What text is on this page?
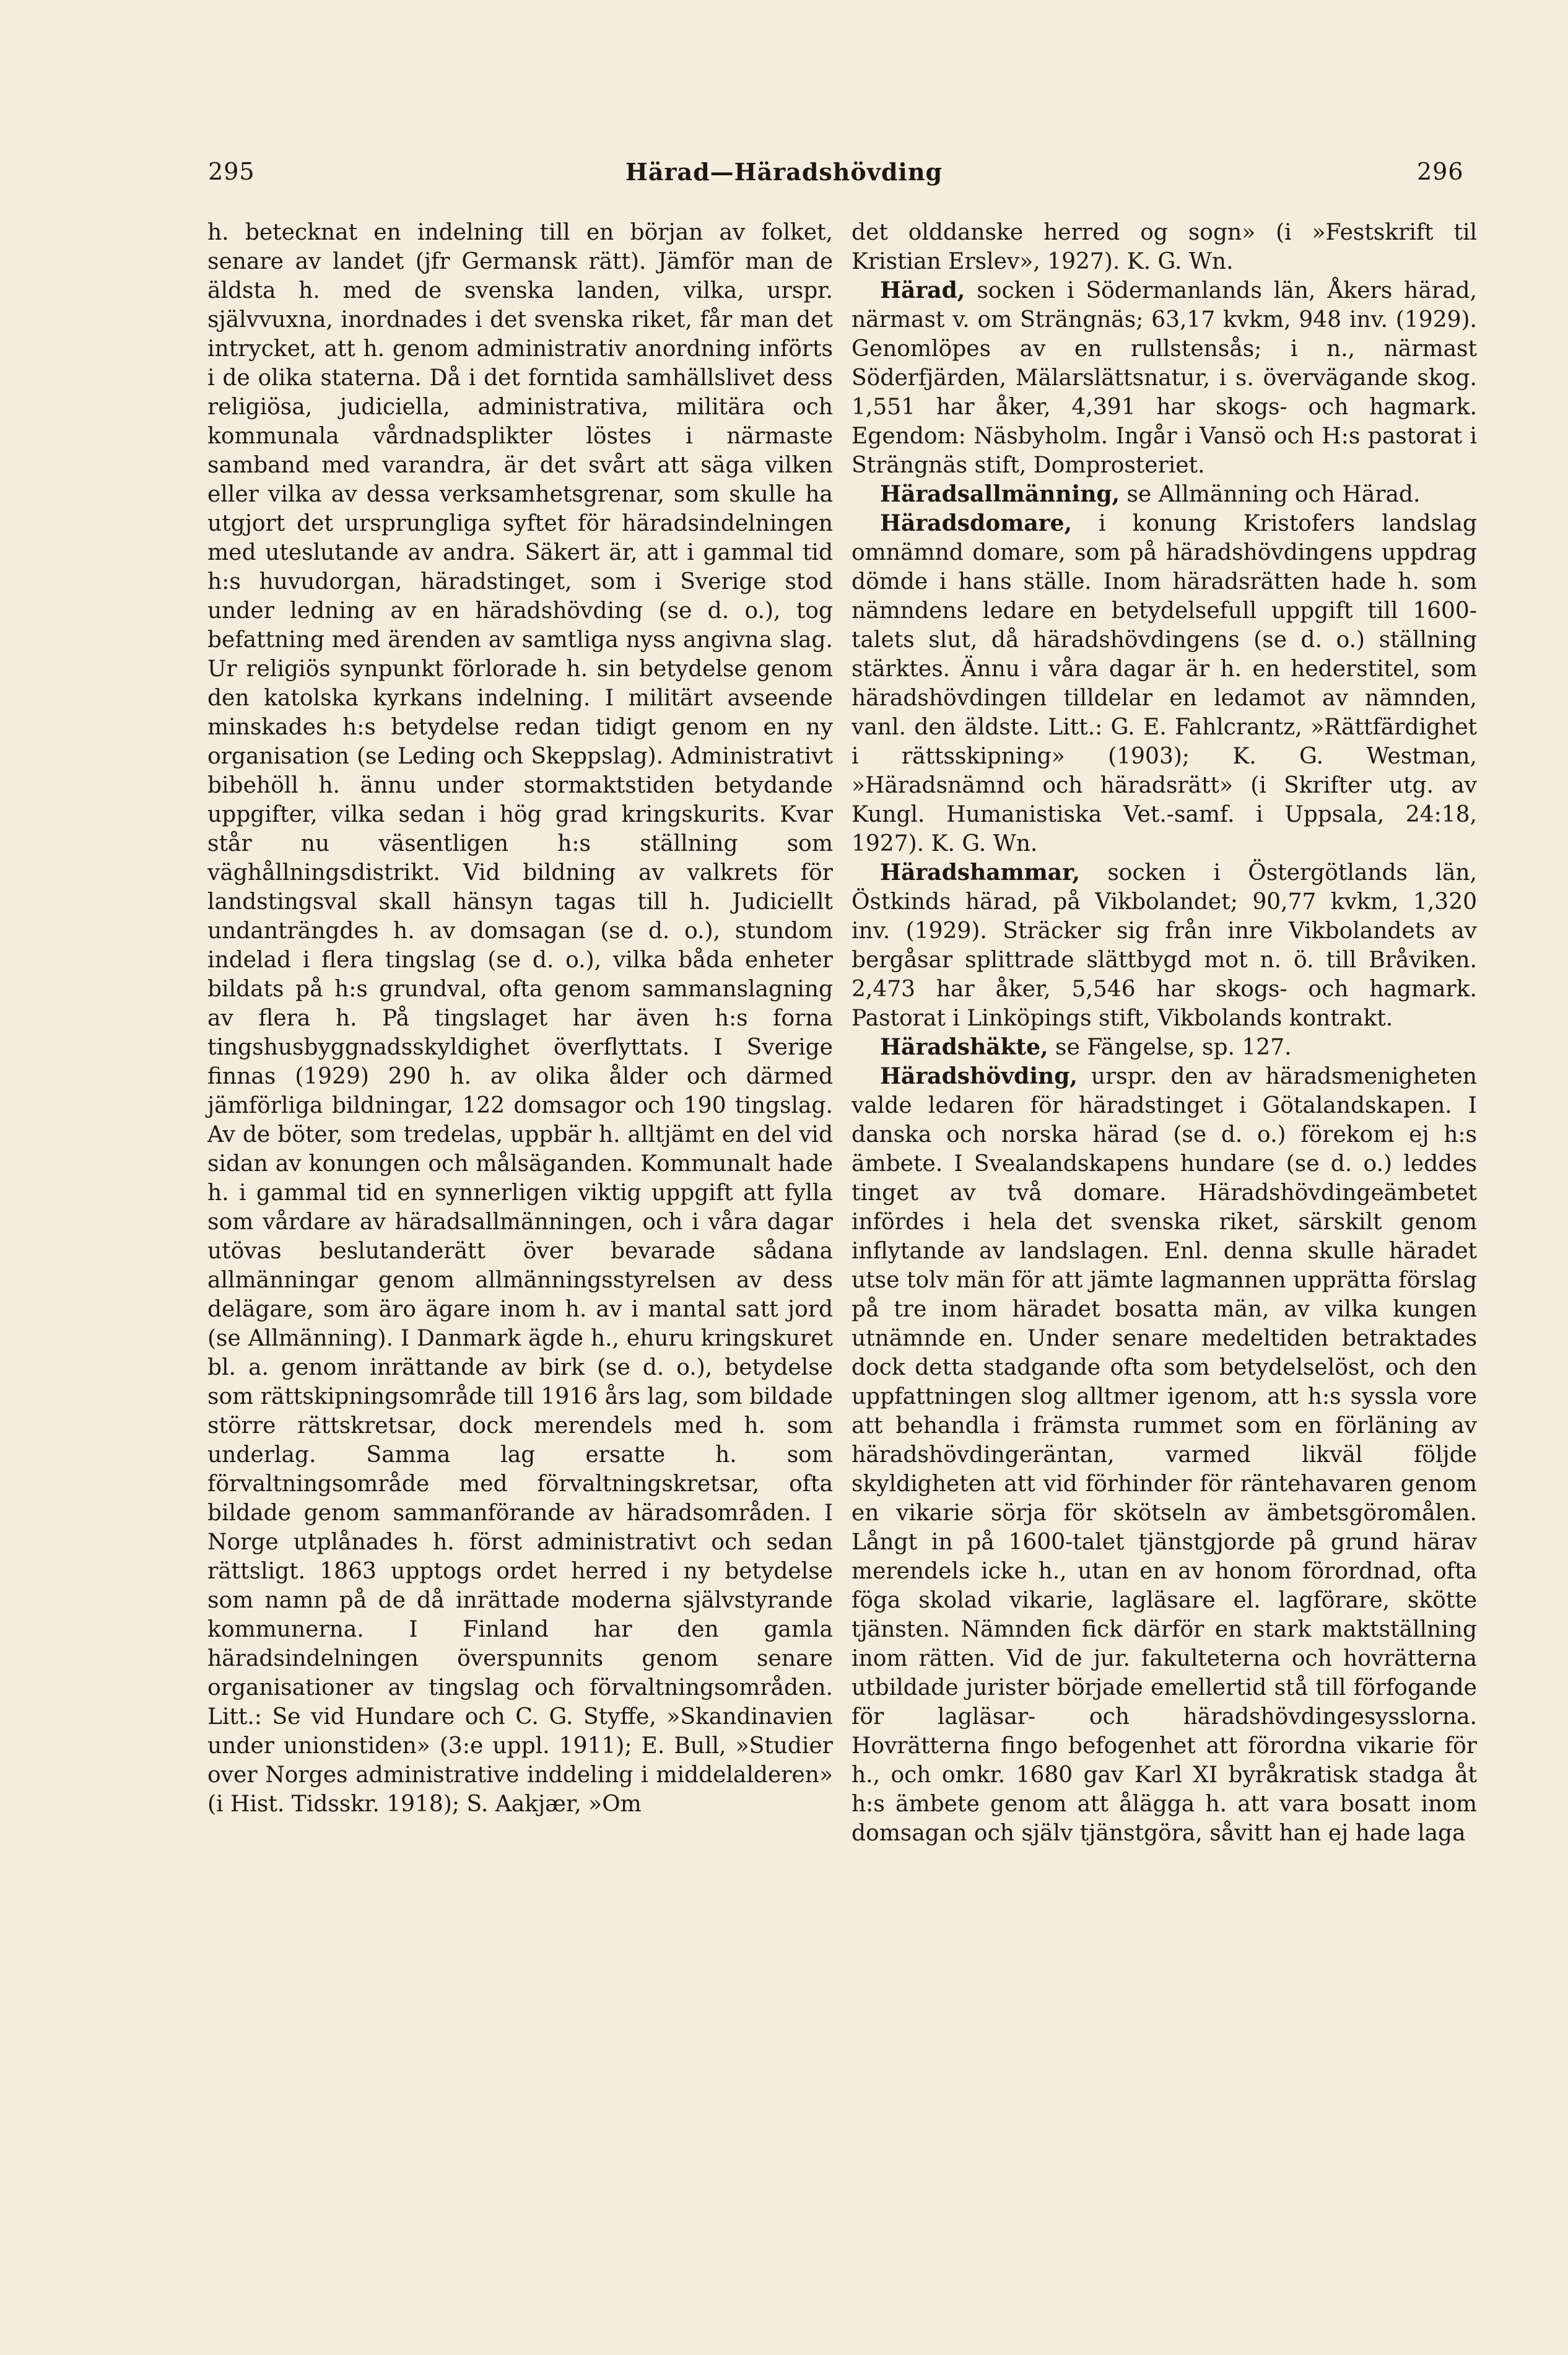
295	Härad—Häradshövding	296

h. betecknat en indelning till en början av folket, senare av landet (jfr Germansk rätt). Jämför man de äldsta h. med de svenska landen, vilka, urspr. självvuxna, inordnades i det svenska riket, får man det intrycket, att h. genom administrativ anordning införts i de olika staterna. Då i det forntida samhällslivet dess religiösa, judiciella, administrativa, militära och kommunala vårdnadsplikter löstes i närmaste samband med varandra, är det svårt att säga vilken eller vilka av dessa verksamhetsgrenar, som skulle ha utgjort det ursprungliga syftet för häradsindelningen med uteslutande av andra. Säkert är, att i gammal tid h:s huvudorgan, häradstinget, som i Sverige stod under ledning av en häradshövding (se d. o.), tog befattning med ärenden av samtliga nyss angivna slag. Ur religiös synpunkt förlorade h. sin betydelse genom den katolska kyrkans indelning. I militärt avseende minskades h:s betydelse redan tidigt genom en ny organisation (se Leding och Skeppslag). Administrativt bibehöll h. ännu under stormaktstiden betydande uppgifter, vilka sedan i hög grad kringskurits. Kvar står nu väsentligen h:s ställning som väghållningsdistrikt. Vid bildning av valkrets för landstingsval skall hänsyn tagas till h. Judiciellt undanträngdes h. av domsagan (se d. o.), stundom indelad i flera tingslag (se d. o.), vilka båda enheter bildats på h:s grundval, ofta genom sammanslagning av flera h. På tingslaget har även h:s forna tingshusbyggnadsskyldighet överflyttats. I Sverige finnas (1929) 290 h. av olika ålder och därmed jämförliga bildningar, 122 domsagor och 190 tingslag. Av de böter, som tredelas, uppbär h. alltjämt en del vid sidan av konungen och målsäganden. Kommunalt hade h. i gammal tid en synnerligen viktig uppgift att fylla som vårdare av häradsallmänningen, och i våra dagar utövas beslutanderätt över bevarade sådana allmänningar genom allmänningsstyrelsen av dess delägare, som äro ägare inom h. av i mantal satt jord (se Allmänning). I Danmark ägde h., ehuru kringskuret bl. a. genom inrättande av birk (se d. o.), betydelse som rättskipningsområde till 1916 års lag, som bildade större rättskretsar, dock merendels med h. som underlag. Samma lag ersatte h. som förvaltningsområde med förvaltningskretsar, ofta bildade genom sammanförande av häradsområden. I Norge utplånades h. först administrativt och sedan rättsligt. 1863 upptogs ordet herred i ny betydelse som namn på de då inrättade moderna självstyrande kommunerna. I Finland har den gamla häradsindelningen överspunnits genom senare organisationer av tingslag och förvaltningsområden. Litt.: Se vid Hundare och C. G. Styffe, »Skandinavien under unionstiden» (3:e uppl. 1911); E. Bull, »Studier over Norges administrative inddeling i middelalderen» (i Hist. Tidsskr. 1918); S. Aakjær, »Om

det olddanske herred og sogn» (i »Festskrift til Kristian Erslev», 1927). K. G. Wn.

Härad, socken i Södermanlands län, Åkers härad, närmast v. om Strängnäs; 63,17 kvkm, 948 inv. (1929). Genomlöpes av en rullstensås; i n., närmast Söderfjärden, Mälarslättsnatur, i s. övervägande skog. 1,551 har åker, 4,391 har skogs- och hagmark. Egendom: Näsbyholm. Ingår i Vansö och H:s pastorat i Strängnäs stift, Domprosteriet.

Häradsallmänning, se Allmänning och Härad.

Häradsdomare, i konung Kristofers landslag omnämnd domare, som på häradshövdingens uppdrag dömde i hans ställe. Inom häradsrätten hade h. som nämndens ledare en betydelsefull uppgift till 1600-talets slut, då häradshövdingens (se d. o.) ställning stärktes. Ännu i våra dagar är h. en hederstitel, som häradshövdingen tilldelar en ledamot av nämnden, vanl. den äldste. Litt.: G. E. Fahlcrantz, »Rättfärdighet i rättsskipning» (1903); K. G. Westman, »Häradsnämnd och häradsrätt» (i Skrifter utg. av Kungl. Humanistiska Vet.-samf. i Uppsala, 24:18, 1927). K. G. Wn.

Häradshammar, socken i Östergötlands län, Östkinds härad, på Vikbolandet; 90,77 kvkm, 1,320 inv. (1929). Sträcker sig från inre Vikbolandets av bergåsar splittrade slättbygd mot n. ö. till Bråviken. 2,473 har åker, 5,546 har skogs- och hagmark. Pastorat i Linköpings stift, Vikbolands kontrakt.

Häradshäkte, se Fängelse, sp. 127.

Häradshövding, urspr. den av häradsmenigheten valde ledaren för häradstinget i Götalandskapen. I danska och norska härad (se d. o.) förekom ej h:s ämbete. I Svealandskapens hundare (se d. o.) leddes tinget av två domare. Häradshövdingeämbetet infördes i hela det svenska riket, särskilt genom inflytande av landslagen. Enl. denna skulle häradet utse tolv män för att jämte lagmannen upprätta förslag på tre inom häradet bosatta män, av vilka kungen utnämnde en. Under senare medeltiden betraktades dock detta stadgande ofta som betydelselöst, och den uppfattningen slog alltmer igenom, att h:s syssla vore att behandla i främsta rummet som en förläning av häradshövdingeräntan, varmed likväl följde skyldigheten att vid förhinder för räntehavaren genom en vikarie sörja för skötseln av ämbetsgöromålen. Långt in på 1600-talet tjänstgjorde på grund härav merendels icke h., utan en av honom förordnad, ofta föga skolad vikarie, lagläsare el. lagförare, skötte tjänsten. Nämnden fick därför en stark maktställning inom rätten. Vid de jur. fakulteterna och hovrätterna utbildade jurister började emellertid stå till förfogande för lagläsar- och häradshövdingesysslorna. Hovrätterna fingo befogenhet att förordna vikarie för h., och omkr. 1680 gav Karl XI byråkratisk stadga åt h:s ämbete genom att ålägga h. att vara bosatt inom domsagan och själv tjänstgöra, såvitt han ej hade laga
